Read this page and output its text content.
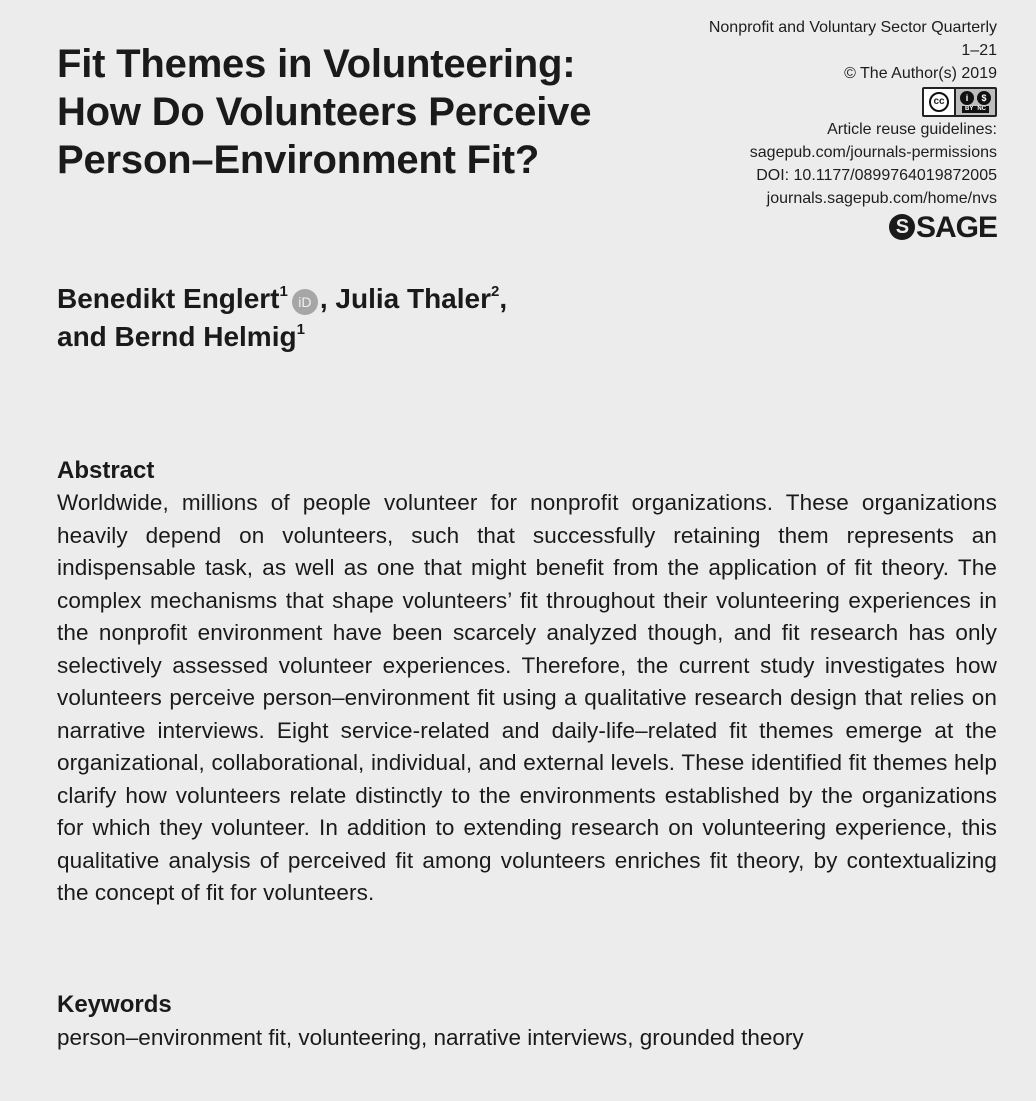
Nonprofit and Voluntary Sector Quarterly
1–21
© The Author(s) 2019
cc	i	$
BY NC
Article reuse guidelines:
sagepub.com/journals-permissions
DOI: 10.1177/0899764019872005
journals.sagepub.com/home/nvs
S SAGE
Fit Themes in Volunteering:
How Do Volunteers Perceive
Person–Environment Fit?
Benedikt Englert$^1$iD , Julia Thaler$^2$,
and Bernd Helmig$^1$
Abstract

Worldwide, millions of people volunteer for nonprofit organizations. These organizations heavily depend on volunteers, such that successfully retaining them represents an indispensable task, as well as one that might benefit from the application of fit theory. The complex mechanisms that shape volunteers’ fit throughout their volunteering experiences in the nonprofit environment have been scarcely analyzed though, and fit research has only selectively assessed volunteer experiences. Therefore, the current study investigates how volunteers perceive person–environment fit using a qualitative research design that relies on narrative interviews. Eight service-related and daily-life–related fit themes emerge at the organizational, collaborational, individual, and external levels. These identified fit themes help clarify how volunteers relate distinctly to the environments established by the organizations for which they volunteer. In addition to extending research on volunteering experience, this qualitative analysis of perceived fit among volunteers enriches fit theory, by contextualizing the concept of fit for volunteers.

Keywords

person–environment fit, volunteering, narrative interviews, grounded theory
